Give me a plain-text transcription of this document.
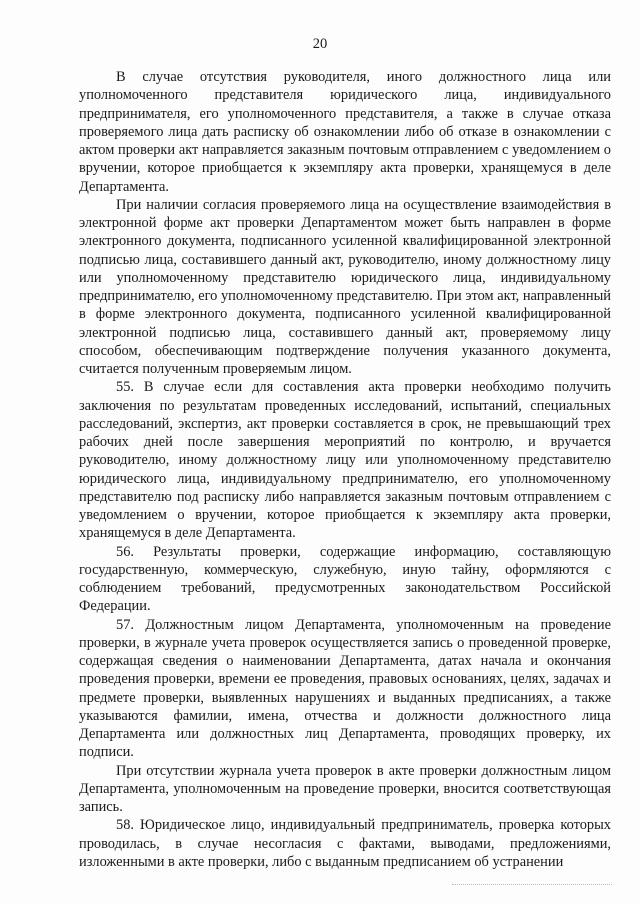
20

В случае отсутствия руководителя, иного должностного лица или уполномоченного представителя юридического лица, индивидуального предпринимателя, его уполномоченного представителя, а также в случае отказа проверяемого лица дать расписку об ознакомлении либо об отказе в ознакомлении с актом проверки акт направляется заказным почтовым отправлением с уведомлением о вручении, которое приобщается к экземпляру акта проверки, хранящемуся в деле Департамента.

При наличии согласия проверяемого лица на осуществление взаимодействия в электронной форме акт проверки Департаментом может быть направлен в форме электронного документа, подписанного усиленной квалифицированной электронной подписью лица, составившего данный акт, руководителю, иному должностному лицу или уполномоченному представителю юридического лица, индивидуальному предпринимателю, его уполномоченному представителю. При этом акт, направленный в форме электронного документа, подписанного усиленной квалифицированной электронной подписью лица, составившего данный акт, проверяемому лицу способом, обеспечивающим подтверждение получения указанного документа, считается полученным проверяемым лицом.

55. В случае если для составления акта проверки необходимо получить заключения по результатам проведенных исследований, испытаний, специальных расследований, экспертиз, акт проверки составляется в срок, не превышающий трех рабочих дней после завершения мероприятий по контролю, и вручается руководителю, иному должностному лицу или уполномоченному представителю юридического лица, индивидуальному предпринимателю, его уполномоченному представителю под расписку либо направляется заказным почтовым отправлением с уведомлением о вручении, которое приобщается к экземпляру акта проверки, хранящемуся в деле Департамента.

56. Результаты проверки, содержащие информацию, составляющую государственную, коммерческую, служебную, иную тайну, оформляются с соблюдением требований, предусмотренных законодательством Российской Федерации.

57. Должностным лицом Департамента, уполномоченным на проведение проверки, в журнале учета проверок осуществляется запись о проведенной проверке, содержащая сведения о наименовании Департамента, датах начала и окончания проведения проверки, времени ее проведения, правовых основаниях, целях, задачах и предмете проверки, выявленных нарушениях и выданных предписаниях, а также указываются фамилии, имена, отчества и должности должностного лица Департамента или должностных лиц Департамента, проводящих проверку, их подписи.

При отсутствии журнала учета проверок в акте проверки должностным лицом Департамента, уполномоченным на проведение проверки, вносится соответствующая запись.

58. Юридическое лицо, индивидуальный предприниматель, проверка которых проводилась, в случае несогласия с фактами, выводами, предложениями, изложенными в акте проверки, либо с выданным предписанием об устранении
